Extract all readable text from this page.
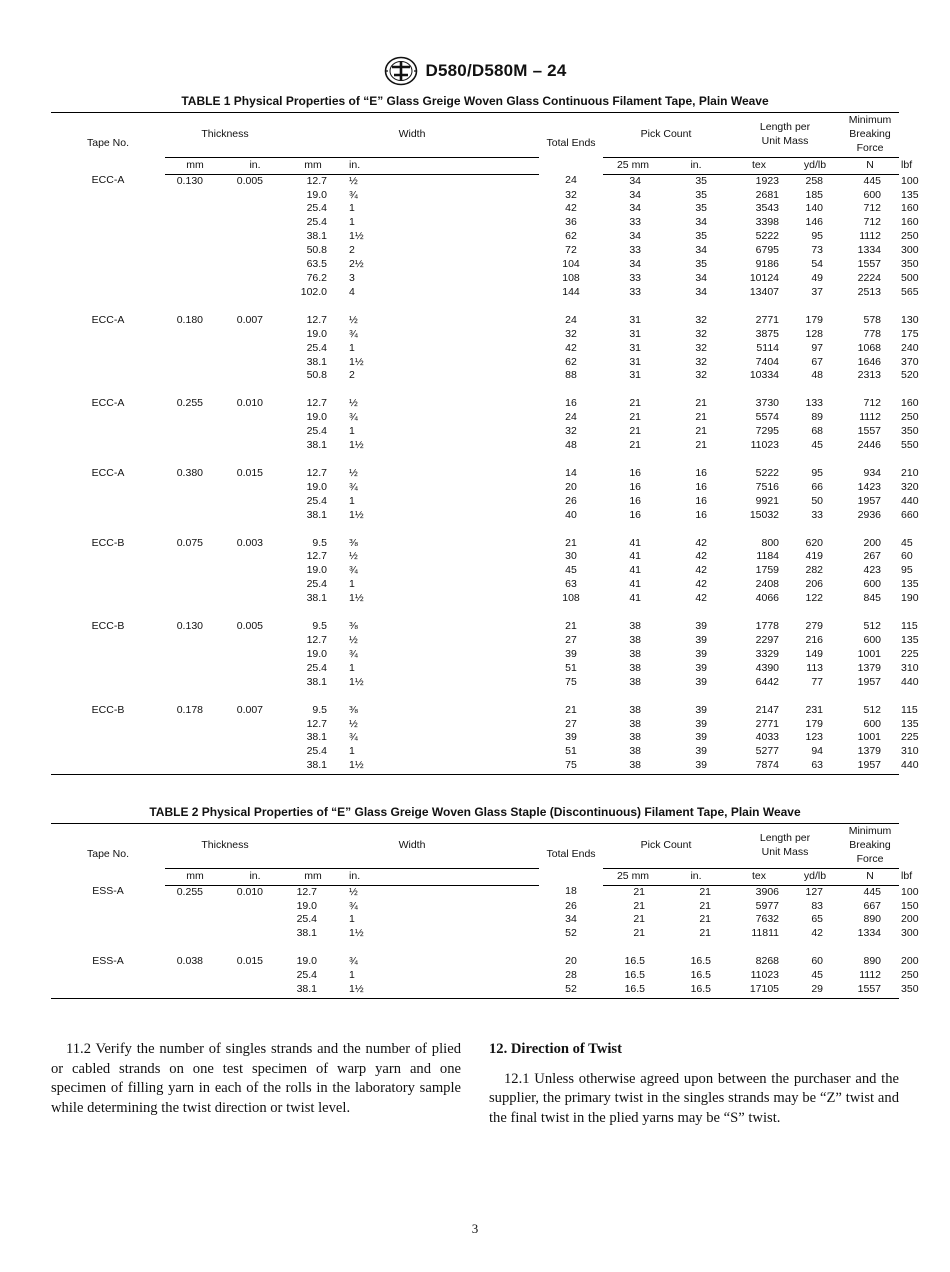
D580/D580M – 24
TABLE 1 Physical Properties of “E” Glass Greige Woven Glass Continuous Filament Tape, Plain Weave
Tape No.	Thickness		Width		Total Ends	Pick Count		Length per
Unit Mass		Minimum
Breaking Force	
	mm	in.	mm	in.		25 mm	in.	tex	yd/lb	N	lbf
ECC-A	0.130	0.005	12.7	½	24	34	35	1923	258	445	100
			19.0	¾	32	34	35	2681	185	600	135
			25.4	1	42	34	35	3543	140	712	160
			25.4	1	36	33	34	3398	146	712	160
			38.1	1½	62	34	35	5222	95	1112	250
			50.8	2	72	33	34	6795	73	1334	300
			63.5	2½	104	34	35	9186	54	1557	350
			76.2	3	108	33	34	10124	49	2224	500
			102.0	4	144	33	34	13407	37	2513	565
ECC-A	0.180	0.007	12.7	½	24	31	32	2771	179	578	130
			19.0	¾	32	31	32	3875	128	778	175
			25.4	1	42	31	32	5114	97	1068	240
			38.1	1½	62	31	32	7404	67	1646	370
			50.8	2	88	31	32	10334	48	2313	520
ECC-A	0.255	0.010	12.7	½	16	21	21	3730	133	712	160
			19.0	¾	24	21	21	5574	89	1112	250
			25.4	1	32	21	21	7295	68	1557	350
			38.1	1½	48	21	21	11023	45	2446	550
ECC-A	0.380	0.015	12.7	½	14	16	16	5222	95	934	210
			19.0	¾	20	16	16	7516	66	1423	320
			25.4	1	26	16	16	9921	50	1957	440
			38.1	1½	40	16	16	15032	33	2936	660
ECC-B	0.075	0.003	9.5	⅜	21	41	42	800	620	200	45
			12.7	½	30	41	42	1184	419	267	60
			19.0	¾	45	41	42	1759	282	423	95
			25.4	1	63	41	42	2408	206	600	135
			38.1	1½	108	41	42	4066	122	845	190
ECC-B	0.130	0.005	9.5	⅜	21	38	39	1778	279	512	115
			12.7	½	27	38	39	2297	216	600	135
			19.0	¾	39	38	39	3329	149	1001	225
			25.4	1	51	38	39	4390	113	1379	310
			38.1	1½	75	38	39	6442	77	1957	440
ECC-B	0.178	0.007	9.5	⅜	21	38	39	2147	231	512	115
			12.7	½	27	38	39	2771	179	600	135
			38.1	¾	39	38	39	4033	123	1001	225
			25.4	1	51	38	39	5277	94	1379	310
			38.1	1½	75	38	39	7874	63	1957	440
TABLE 2 Physical Properties of “E” Glass Greige Woven Glass Staple (Discontinuous) Filament Tape, Plain Weave
Tape No.	Thickness		Width		Total Ends	Pick Count		Length per
Unit Mass		Minimum
Breaking
Force	
	mm	in.	mm	in.		25 mm	in.	tex	yd/lb	N	lbf
ESS-A	0.255	0.010	12.7	½	18	21	21	3906	127	445	100
			19.0	¾	26	21	21	5977	83	667	150
			25.4	1	34	21	21	7632	65	890	200
			38.1	1½	52	21	21	11811	42	1334	300
ESS-A	0.038	0.015	19.0	¾	20	16.5	16.5	8268	60	890	200
			25.4	1	28	16.5	16.5	11023	45	1112	250
			38.1	1½	52	16.5	16.5	17105	29	1557	350

11.2 Verify the number of singles strands and the number of plied or cabled strands on one test specimen of warp yarn and one specimen of filling yarn in each of the rolls in the laboratory sample while determining the twist direction or twist level.

12. Direction of Twist

12.1 Unless otherwise agreed upon between the purchaser and the supplier, the primary twist in the singles strands may be “Z” twist and the final twist in the plied yarns may be “S” twist.

3
